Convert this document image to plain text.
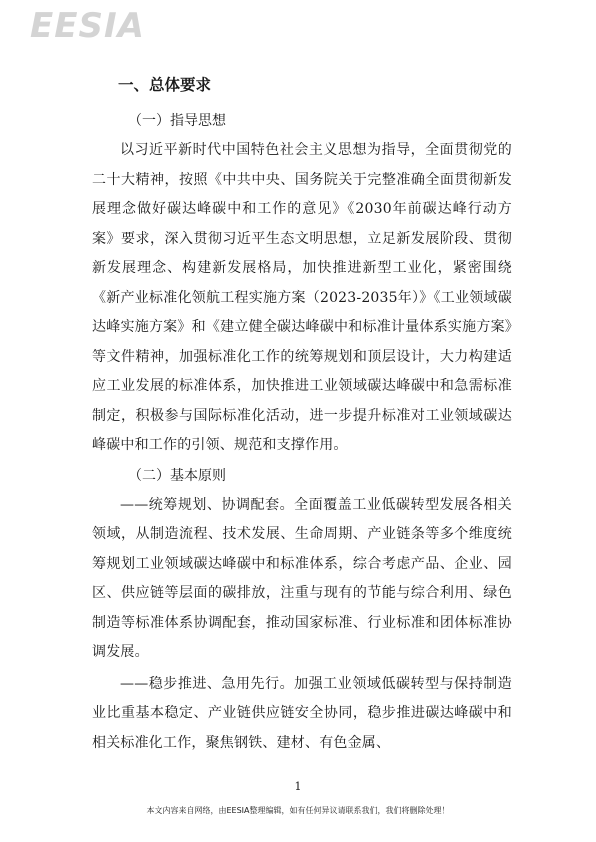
EESIA
一、总体要求
（一）指导思想
以习近平新时代中国特色社会主义思想为指导，全面贯彻党的二十大精神，按照《中共中央、国务院关于完整准确全面贯彻新发展理念做好碳达峰碳中和工作的意见》《2030年前碳达峰行动方案》要求，深入贯彻习近平生态文明思想，立足新发展阶段、贯彻新发展理念、构建新发展格局，加快推进新型工业化，紧密围绕《新产业标准化领航工程实施方案（2023-2035年）》《工业领域碳达峰实施方案》和《建立健全碳达峰碳中和标准计量体系实施方案》等文件精神，加强标准化工作的统筹规划和顶层设计，大力构建适应工业发展的标准体系，加快推进工业领域碳达峰碳中和急需标准制定，积极参与国际标准化活动，进一步提升标准对工业领域碳达峰碳中和工作的引领、规范和支撑作用。
（二）基本原则
——统筹规划、协调配套。全面覆盖工业低碳转型发展各相关领域，从制造流程、技术发展、生命周期、产业链条等多个维度统筹规划工业领域碳达峰碳中和标准体系，综合考虑产品、企业、园区、供应链等层面的碳排放，注重与现有的节能与综合利用、绿色制造等标准体系协调配套，推动国家标准、行业标准和团体标准协调发展。
——稳步推进、急用先行。加强工业领域低碳转型与保持制造业比重基本稳定、产业链供应链安全协同，稳步推进碳达峰碳中和相关标准化工作，聚焦钢铁、建材、有色金属、
1
本文内容来自网络，由EESIA整理编辑，如有任何异议请联系我们，我们将删除处理！
